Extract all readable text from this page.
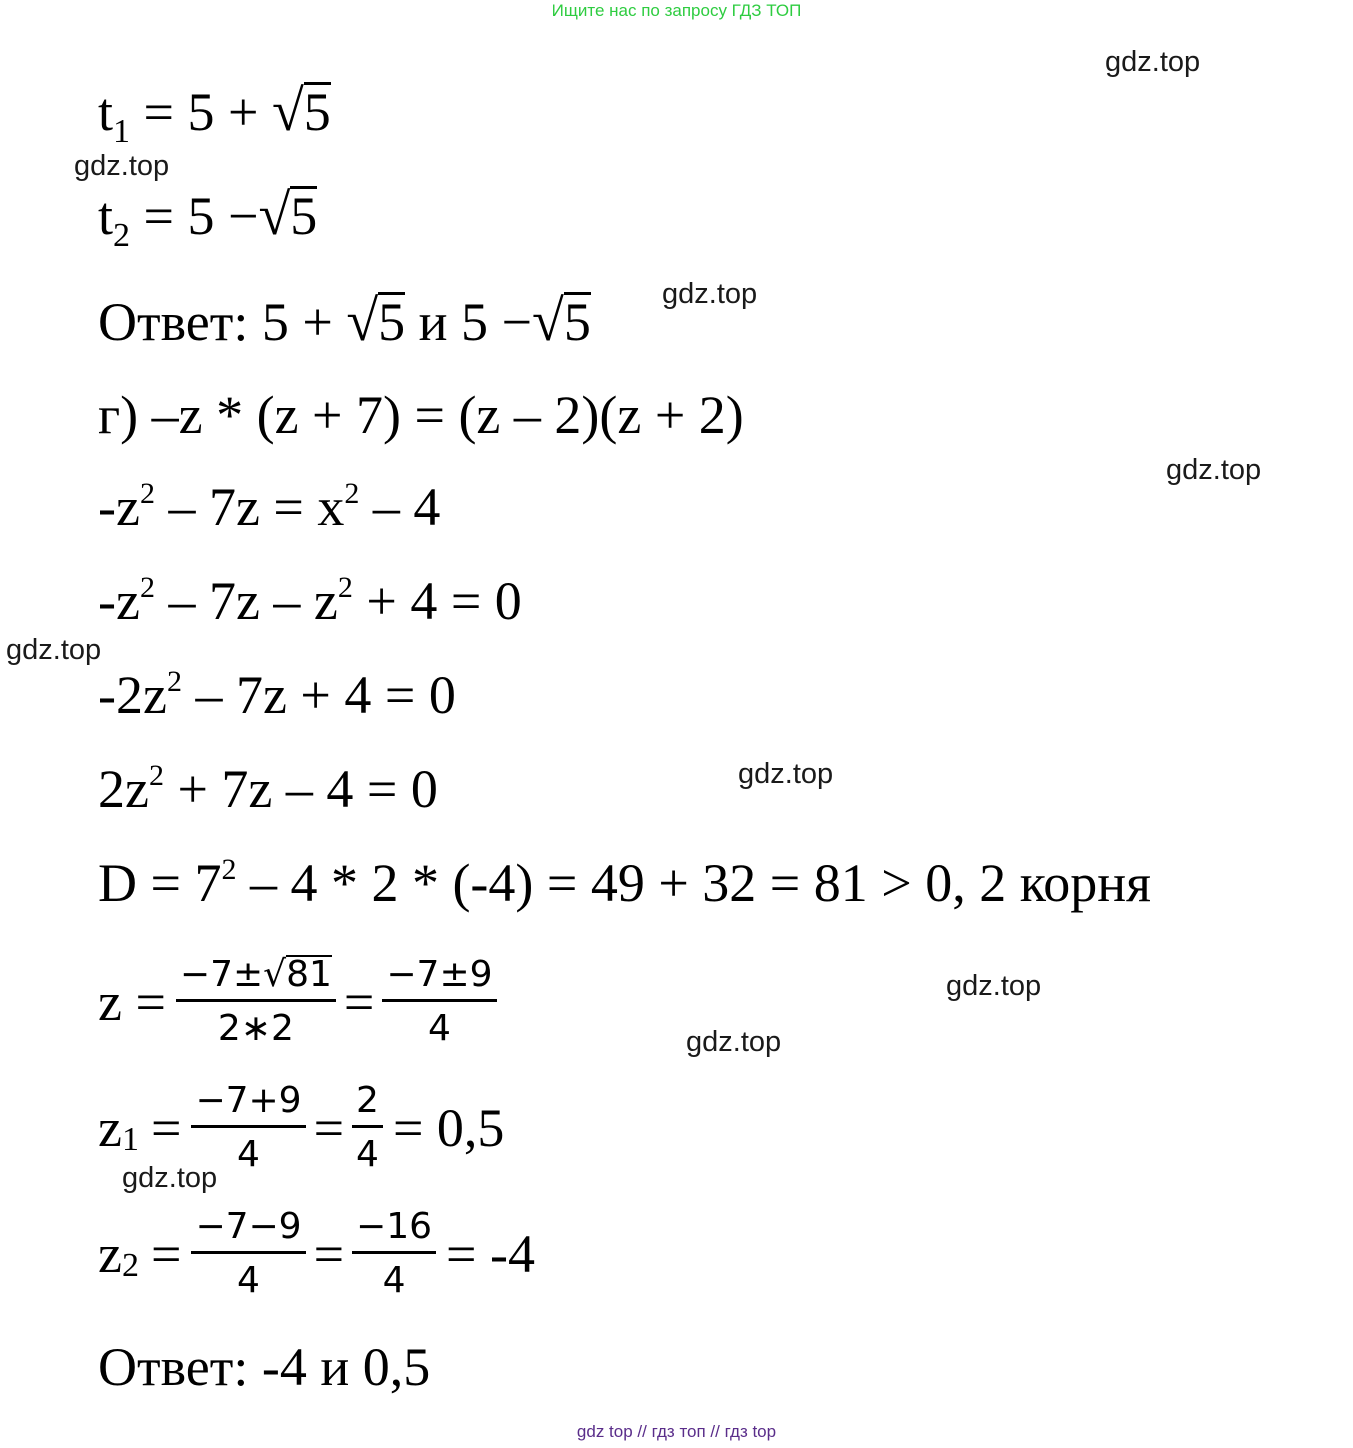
Ищите нас по запросу ГДЗ ТОП
gdz.top
gdz.top
gdz.top
gdz.top
gdz.top
gdz.top
gdz.top
gdz.top
gdz.top
$t_1 = 5 + √5$
$t_2 = 5 -√5$
Ответ: 5 + √5 и 5 −√5
г) –z * (z + 7) = (z – 2)(z + 2)
$-z^2 - 7z = x^2 - 4$
$-z^2 - 7z - z^2 + 4 = 0$
$-2z^2 - 7z + 4 = 0$
$2z^2 + 7z - 4 = 0$
$D = 7^2 - 4 * 2 * (-4) = 49 + 32 = 81 > 0$, 2 корня
$z = \frac{-7\pm√81}{2∗2} = \frac{-7\pm 9}{4}$
z $1 = \frac{-7+9}{4} = \frac{2}{4} = 0,5$
z $2 = \frac{-7-9}{4} = \frac{-16}{4} = -4$
Ответ: -4 и 0,5
gdz top // гдз топ // гдз top
